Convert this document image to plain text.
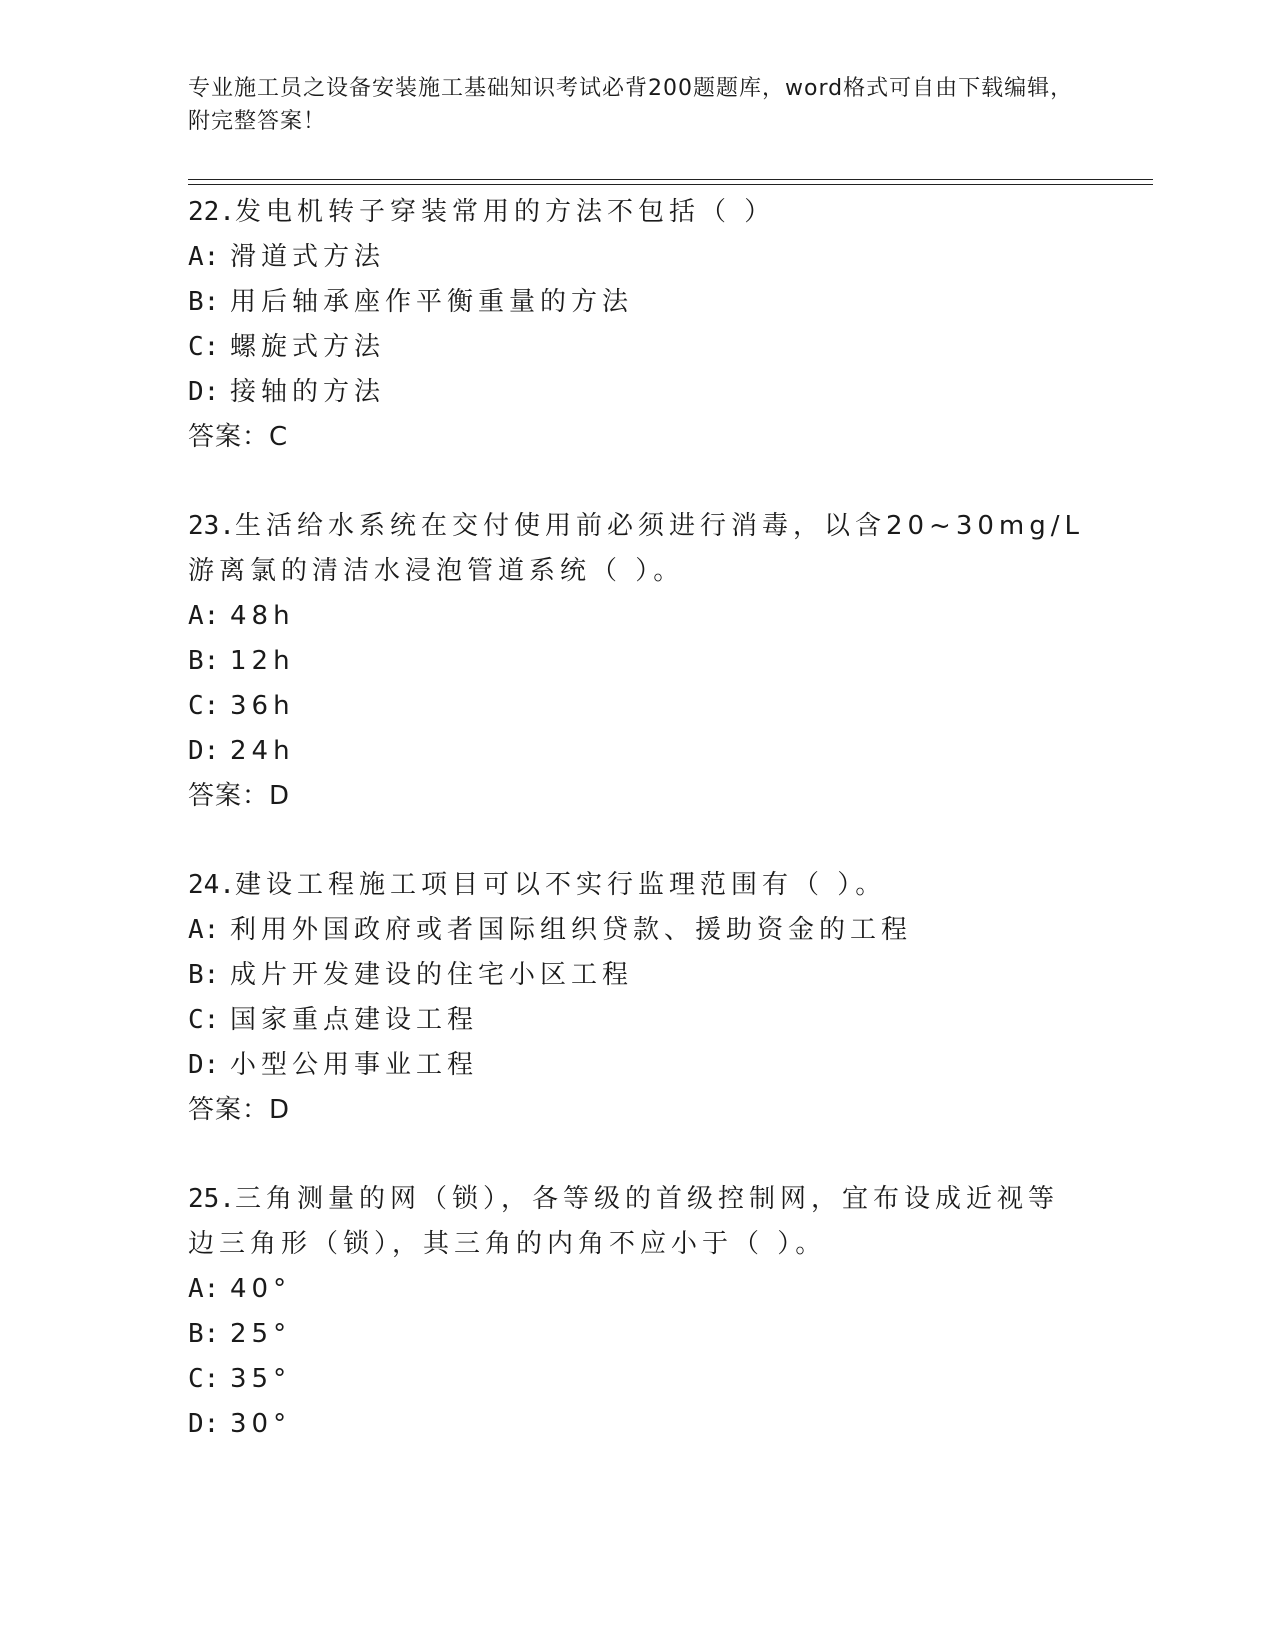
专业施工员之设备安装施工基础知识考试必背200题题库，word格式可自由下载编辑，附完整答案！

22.发电机转子穿装常用的方法不包括（ ）

A: 滑道式方法

B: 用后轴承座作平衡重量的方法

C: 螺旋式方法

D: 接轴的方法

答案：C

23.生活给水系统在交付使用前必须进行消毒，以含20~30mg/L游离氯的清洁水浸泡管道系统（ ）。

A: 48h

B: 12h

C: 36h

D: 24h

答案：D

24.建设工程施工项目可以不实行监理范围有（ ）。

A: 利用外国政府或者国际组织贷款、援助资金的工程

B: 成片开发建设的住宅小区工程

C: 国家重点建设工程

D: 小型公用事业工程

答案：D

25.三角测量的网（锁），各等级的首级控制网，宜布设成近视等边三角形（锁），其三角的内角不应小于（ ）。

A: 40°

B: 25°

C: 35°

D: 30°
